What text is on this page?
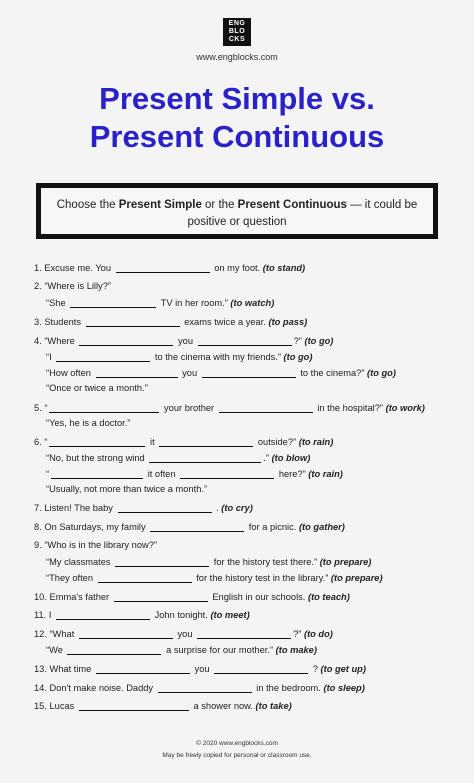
ENG
BLO
CKS
www.engblocks.com
Present Simple vs.
Present Continuous
Choose the Present Simple or the Present Continuous — it could be positive or question
1. Excuse me. You	on my foot. (to stand)
2. “Where is Lilly?”
“She	TV in her room.” (to watch)
3. Students	exams twice a year. (to pass)
4. “Where	you	?” (to go)
“I	to the cinema with my friends.” (to go)
“How often	you	to the cinema?” (to go)
“Once or twice a month.”
5. “	your brother	in the hospital?” (to work)
“Yes, he is a doctor.”
6. “	it	outside?” (to rain)
“No, but the strong wind	.” (to blow)
“	it often	here?” (to rain)
“Usually, not more than twice a month.”
7. Listen! The baby	. (to cry)
8. On Saturdays, my family	for a picnic. (to gather)
9. “Who is in the library now?”
“My classmates	for the history test there.” (to prepare)
“They often	for the history test in the library.” (to prepare)
10. Emma's father	English in our schools. (to teach)
11. I	John tonight. (to meet)
12. “What	you	?” (to do)
“We	a surprise for our mother.” (to make)
13. What time	you	? (to get up)
14. Don't make noise. Daddy	in the bedroom. (to sleep)
15. Lucas	a shower now. (to take)
© 2020 www.engblocks.com
May be freely copied for personal or classroom use.
